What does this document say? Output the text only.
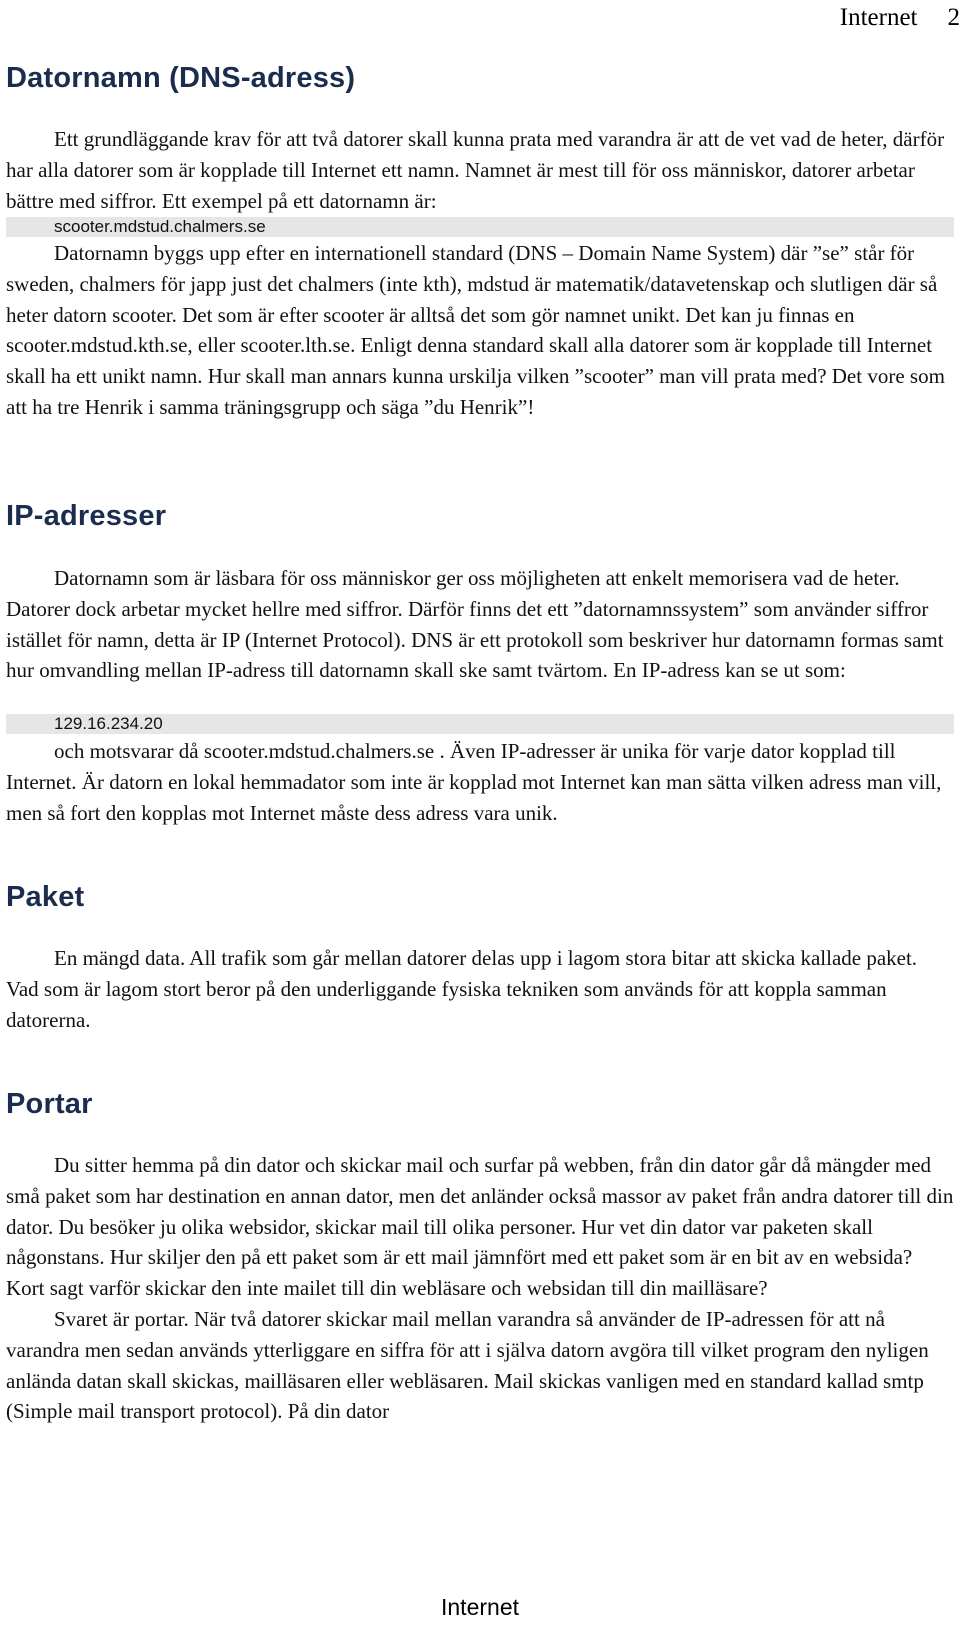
Internet 2
Datornamn (DNS-adress)

Ett grundläggande krav för att två datorer skall kunna prata med varandra är att de vet vad de heter, därför har alla datorer som är kopplade till Internet ett namn. Namnet är mest till för oss människor, datorer arbetar bättre med siffror. Ett exempel på ett datornamn är:

scooter.mdstud.chalmers.se

Datornamn byggs upp efter en internationell standard (DNS – Domain Name System) där ”se” står för sweden, chalmers för japp just det chalmers (inte kth), mdstud är matematik/datavetenskap och slutligen där så heter datorn scooter. Det som är efter scooter är alltså det som gör namnet unikt. Det kan ju finnas en scooter.mdstud.kth.se, eller scooter.lth.se. Enligt denna standard skall alla datorer som är kopplade till Internet skall ha ett unikt namn. Hur skall man annars kunna urskilja vilken ”scooter” man vill prata med? Det vore som att ha tre Henrik i samma träningsgrupp och säga ”du Henrik”!

IP-adresser

Datornamn som är läsbara för oss människor ger oss möjligheten att enkelt memorisera vad de heter. Datorer dock arbetar mycket hellre med siffror. Därför finns det ett ”datornamnssystem” som använder siffror istället för namn, detta är IP (Internet Protocol). DNS är ett protokoll som beskriver hur datornamn formas samt hur omvandling mellan IP-adress till datornamn skall ske samt tvärtom. En IP-adress kan se ut som:

129.16.234.20

och motsvarar då scooter.mdstud.chalmers.se . Även IP-adresser är unika för varje dator kopplad till Internet. Är datorn en lokal hemmadator som inte är kopplad mot Internet kan man sätta vilken adress man vill, men så fort den kopplas mot Internet måste dess adress vara unik.

Paket

En mängd data. All trafik som går mellan datorer delas upp i lagom stora bitar att skicka kallade paket. Vad som är lagom stort beror på den underliggande fysiska tekniken som används för att koppla samman datorerna.

Portar

Du sitter hemma på din dator och skickar mail och surfar på webben, från din dator går då mängder med små paket som har destination en annan dator, men det anländer också massor av paket från andra datorer till din dator. Du besöker ju olika websidor, skickar mail till olika personer. Hur vet din dator var paketen skall någonstans. Hur skiljer den på ett paket som är ett mail jämnfört med ett paket som är en bit av en websida? Kort sagt varför skickar den inte mailet till din webläsare och websidan till din mailläsare?

Svaret är portar. När två datorer skickar mail mellan varandra så använder de IP-adressen för att nå varandra men sedan används ytterliggare en siffra för att i själva datorn avgöra till vilket program den nyligen anlända datan skall skickas, mailläsaren eller webläsaren. Mail skickas vanligen med en standard kallad smtp (Simple mail transport protocol). På din dator

Internet
